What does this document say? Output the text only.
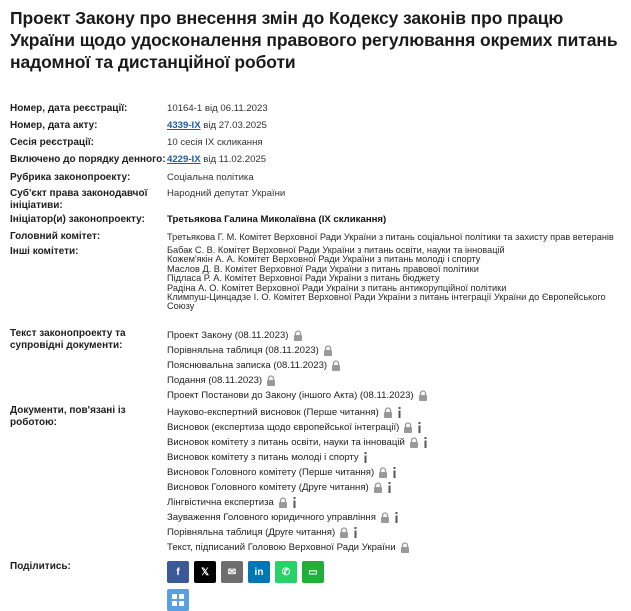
Проект Закону про внесення змін до Кодексу законів про працю України щодо удосконалення правового регулювання окремих питань надомної та дистанційної роботи
Номер, дата реєстрації:	10164-1 від 06.11.2023
Номер, дата акту:	4339-IX від 27.03.2025
Сесія реєстрації:	10 сесія IX скликання
Включено до порядку денного: 4229-IX від 11.02.2025
Рубрика законопроекту:	Соціальна політика
Суб'єкт права законодавчої ініціативи:
Народний депутат України
Ініціатор(и) законопроекту:	Третьякова Галина Миколаївна (IX скликання)
Головний комітет:	Третьякова Г. М. Комітет Верховної Ради України з питань соціальної політики та захисту прав ветеранів
Інші комітети:	Бабак С. В. Комітет Верховної Ради України з питань освіти, науки та інновацій
Кожем'якін А. А. Комітет Верховної Ради України з питань молоді і спорту
Маслов Д. В. Комітет Верховної Ради України з питань правової політики
Підласа Р. А. Комітет Верховної Ради України з питань бюджету
Радіна А. О. Комітет Верховної Ради України з питань антикорупційної політики
Климпуш-Цинцадзе І. О. Комітет Верховної Ради України з питань інтеграції України до Європейського
Союзу
Текст законопроекту та супровідні документи:
Проект Закону (08.11.2023)
Порівняльна таблиця (08.11.2023)
Пояснювальна записка (08.11.2023)
Подання (08.11.2023)
Проект Постанови до Закону (іншого Акта) (08.11.2023)
Документи, пов'язані із роботою:
Науково-експертний висновок (Перше читання)
Висновок (експертиза щодо європейської інтеграції)
Висновок комітету з питань освіти, науки та інновацій
Висновок комітету з питань молоді і спорту
Висновок Головного комітету (Перше читання)
Висновок Головного комітету (Друге читання)
Лінгвістична експертиза
Зауваження Головного юридичного управління
Порівняльна таблиця (Друге читання)
Текст, підписаний Головою Верховної Ради України
Поділитись:	f 𝕏 ✉ in ✆ ▭
